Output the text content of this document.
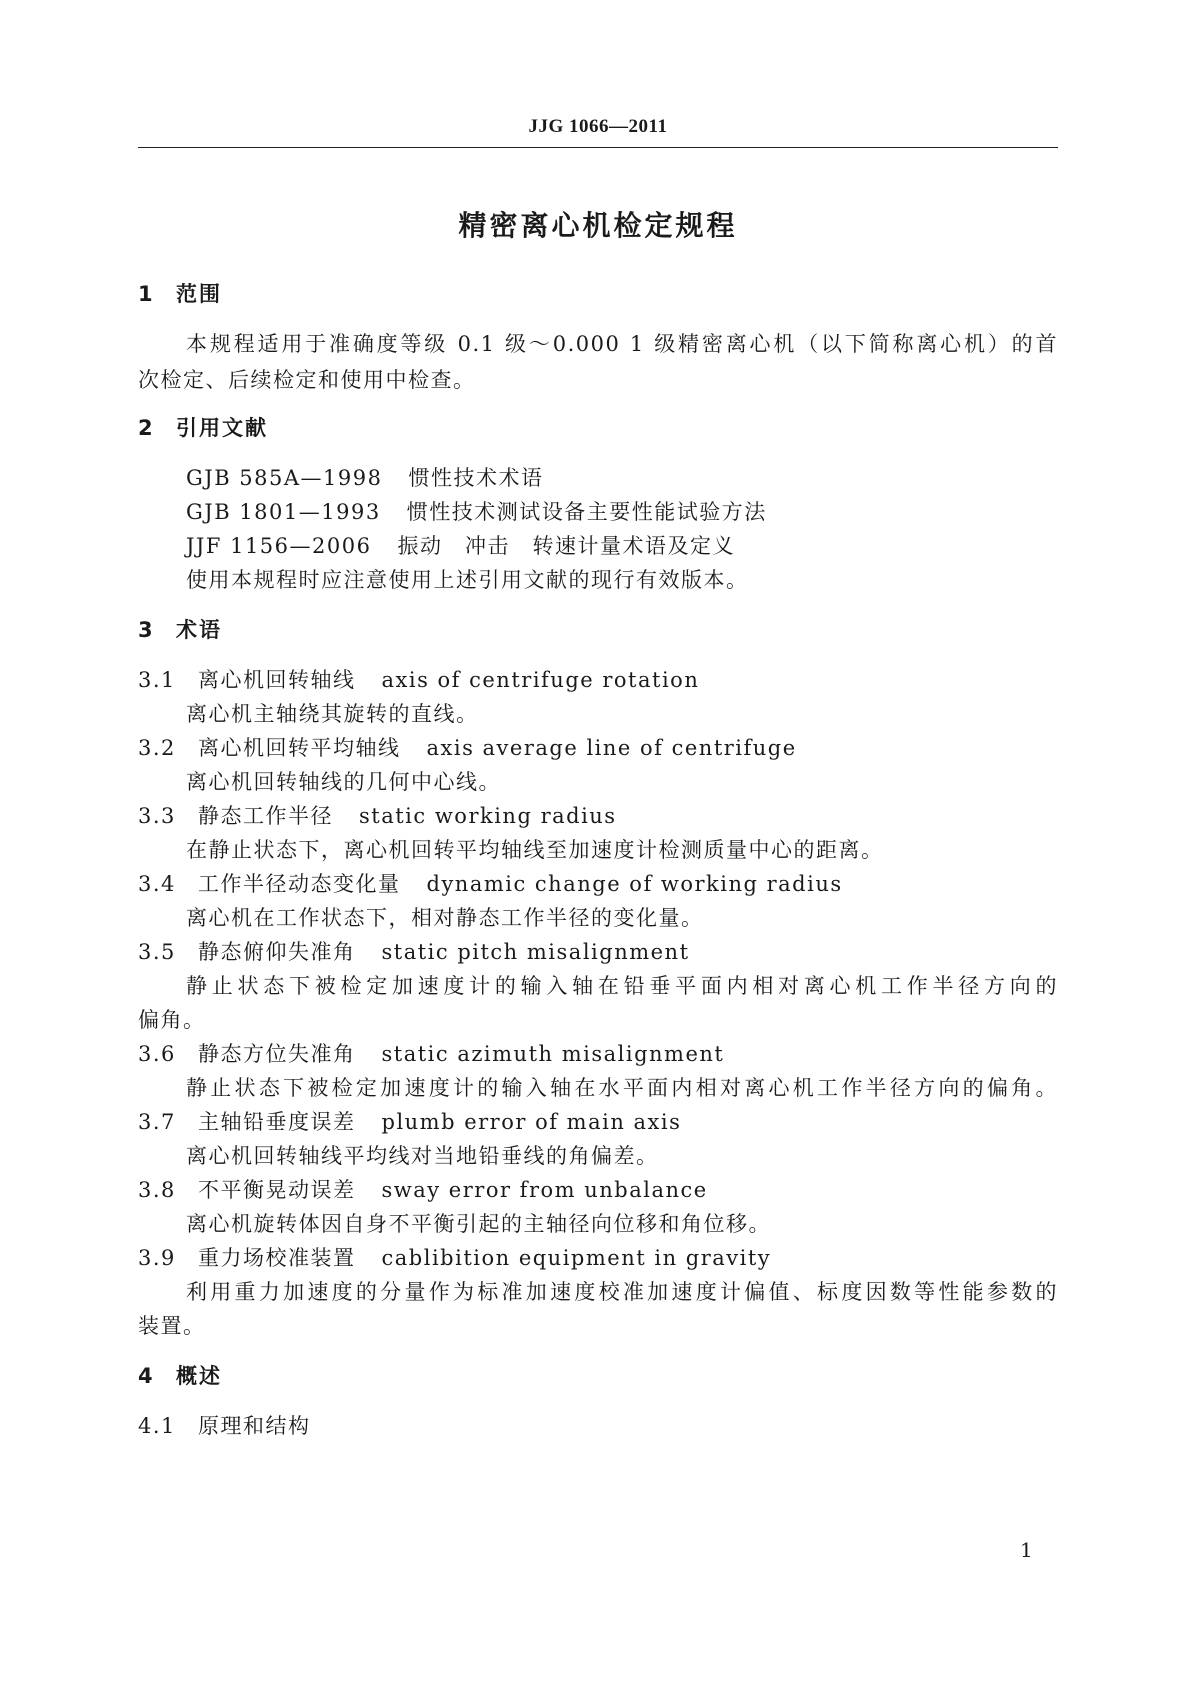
JJG 1066—2011
精密离心机检定规程
1 范围
本规程适用于准确度等级 0.1 级～0.000 1 级精密离心机（以下简称离心机）的首
次检定、后续检定和使用中检查。
2 引用文献
GJB 585A—1998 惯性技术术语
GJB 1801—1993 惯性技术测试设备主要性能试验方法
JJF 1156—2006 振动　冲击　转速计量术语及定义
使用本规程时应注意使用上述引用文献的现行有效版本。
3 术语
3.1 离心机回转轴线 axis of centrifuge rotation
离心机主轴绕其旋转的直线。
3.2 离心机回转平均轴线 axis average line of centrifuge
离心机回转轴线的几何中心线。
3.3 静态工作半径 static working radius
在静止状态下，离心机回转平均轴线至加速度计检测质量中心的距离。
3.4 工作半径动态变化量 dynamic change of working radius
离心机在工作状态下，相对静态工作半径的变化量。
3.5 静态俯仰失准角 static pitch misalignment
静止状态下被检定加速度计的输入轴在铅垂平面内相对离心机工作半径方向的
偏角。
3.6 静态方位失准角 static azimuth misalignment
静止状态下被检定加速度计的输入轴在水平面内相对离心机工作半径方向的偏角。
3.7 主轴铅垂度误差 plumb error of main axis
离心机回转轴线平均线对当地铅垂线的角偏差。
3.8 不平衡晃动误差 sway error from unbalance
离心机旋转体因自身不平衡引起的主轴径向位移和角位移。
3.9 重力场校准装置 cablibition equipment in gravity
利用重力加速度的分量作为标准加速度校准加速度计偏值、标度因数等性能参数的
装置。
4 概述
4.1 原理和结构
1
